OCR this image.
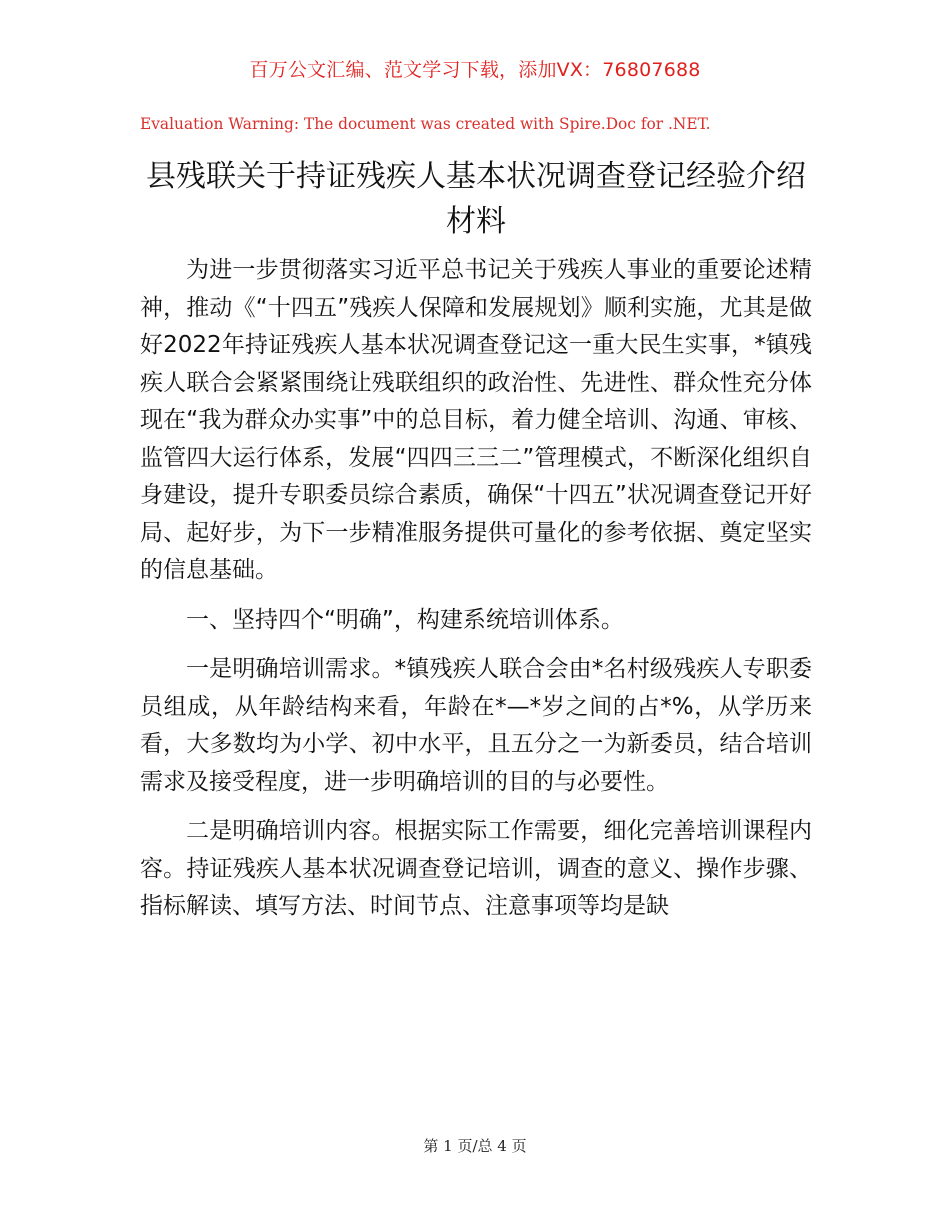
百万公文汇编、范文学习下载，添加VX：76807688
Evaluation Warning: The document was created with Spire.Doc for .NET.
县残联关于持证残疾人基本状况调查登记经验介绍材料

为进一步贯彻落实习近平总书记关于残疾人事业的重要论述精神，推动《“十四五”残疾人保障和发展规划》顺利实施，尤其是做好2022年持证残疾人基本状况调查登记这一重大民生实事，*镇残疾人联合会紧紧围绕让残联组织的政治性、先进性、群众性充分体现在“我为群众办实事”中的总目标，着力健全培训、沟通、审核、监管四大运行体系，发展“四四三三二”管理模式，不断深化组织自身建设，提升专职委员综合素质，确保“十四五”状况调查登记开好局、起好步，为下一步精准服务提供可量化的参考依据、奠定坚实的信息基础。

一、坚持四个“明确”，构建系统培训体系。

一是明确培训需求。*镇残疾人联合会由*名村级残疾人专职委员组成，从年龄结构来看，年龄在*—*岁之间的占*%，从学历来看，大多数均为小学、初中水平，且五分之一为新委员，结合培训需求及接受程度，进一步明确培训的目的与必要性。

二是明确培训内容。根据实际工作需要，细化完善培训课程内容。持证残疾人基本状况调查登记培训，调查的意义、操作步骤、指标解读、填写方法、时间节点、注意事项等均是缺

第 1 页/总 4 页
